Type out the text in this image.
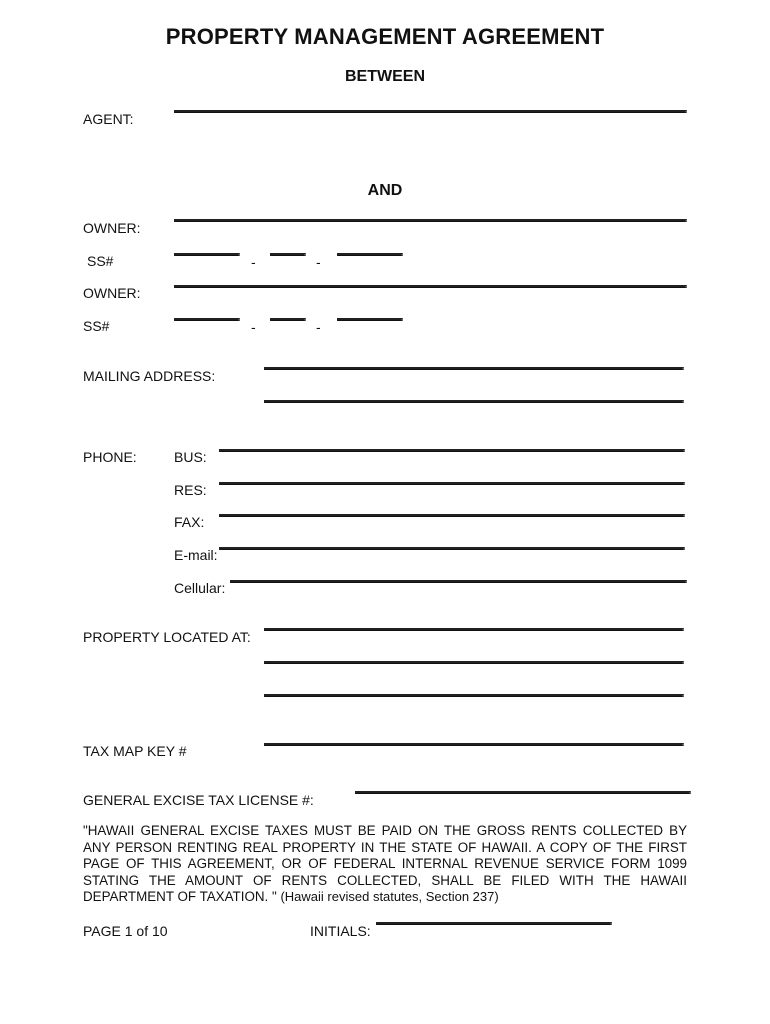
PROPERTY MANAGEMENT AGREEMENT
BETWEEN
AGENT:
AND
OWNER:
SS#	-	-
OWNER:
SS#	-	-
MAILING ADDRESS:
PHONE:	BUS:
RES:
FAX:
E-mail:
Cellular:
PROPERTY LOCATED AT:
TAX MAP KEY #
GENERAL EXCISE TAX LICENSE #:
"HAWAII GENERAL EXCISE TAXES MUST BE PAID ON THE GROSS RENTS COLLECTED BY ANY PERSON RENTING REAL PROPERTY IN THE STATE OF HAWAII. A COPY OF THE FIRST PAGE OF THIS AGREEMENT, OR OF FEDERAL INTERNAL REVENUE SERVICE FORM 1099 STATING THE AMOUNT OF RENTS COLLECTED, SHALL BE FILED WITH THE HAWAII DEPARTMENT OF TAXATION. " (Hawaii revised statutes, Section 237)
PAGE 1 of 10	INITIALS:
